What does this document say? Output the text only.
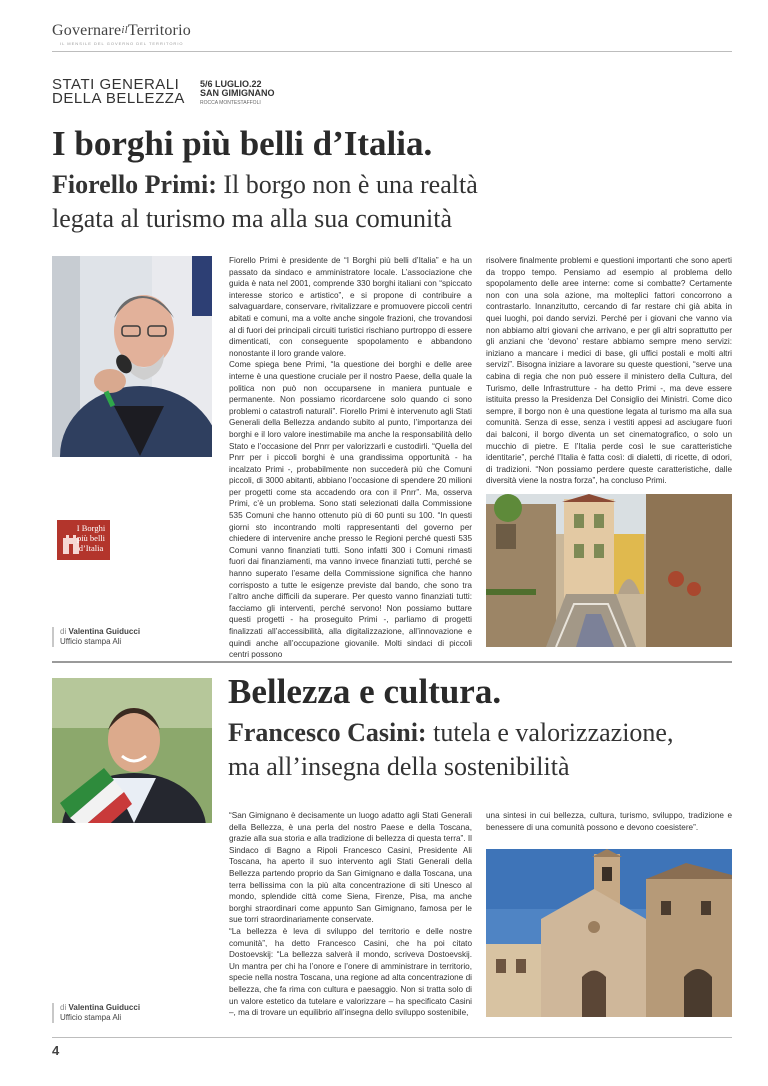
GovernareilTerritorio
IL MENSILE DEL GOVERNO DEL TERRITORIO
STATI GENERALI
DELLA BELLEZZA
5/6 LUGLIO.22
SAN GIMIGNANO
ROCCA MONTESTAFFOLI
I borghi più belli d’Italia.
Fiorello Primi: Il borgo non è una realtà
legata al turismo ma alla sua comunità
I Borghi
più belli
d’Italia
di Valentina Guiducci
Ufficio stampa Ali

Fiorello Primi è presidente de “I Borghi più belli d’Italia” e ha un passato da sindaco e amministratore locale. L’associazione che guida è nata nel 2001, comprende 330 borghi italiani con “spiccato interesse storico e artistico”, e si propone di contribuire a salvaguardare, conservare, rivitalizzare e promuovere piccoli centri abitati e comuni, ma a volte anche singole frazioni, che trovandosi al di fuori dei principali circuiti turistici rischiano purtroppo di essere dimenticati, con conseguente spopolamento e abbandono nonostante il loro grande valore.

Come spiega bene Primi, “la questione dei borghi e delle aree interne è una questione cruciale per il nostro Paese, della quale la politica non può non occuparsene in maniera puntuale e permanente. Non possiamo ricordarcene solo quando ci sono problemi o catastrofi naturali”. Fiorello Primi è intervenuto agli Stati Generali della Bellezza andando subito al punto, l’importanza dei borghi e il loro valore inestimabile ma anche la responsabilità dello Stato e l’occasione del Pnrr per valorizzarli e custodirli. “Quella del Pnrr per i piccoli borghi è una grandissima opportunità - ha incalzato Primi -, probabilmente non succederà più che Comuni piccoli, di 3000 abitanti, abbiano l’occasione di spendere 20 milioni per progetti come sta accadendo ora con il Pnrr”. Ma, osserva Primi, c’è un problema. Sono stati selezionati dalla Commissione 535 Comuni che hanno ottenuto più di 60 punti su 100. “In questi giorni sto incontrando molti rappresentanti del governo per chiedere di intervenire anche presso le Regioni perché questi 535 Comuni vanno finanziati tutti. Sono infatti 300 i Comuni rimasti fuori dai finanziamenti, ma vanno invece finanziati tutti, perché se hanno superato l’esame della Commissione significa che hanno corrisposto a tutte le esigenze previste dal bando, che sono tra l’altro anche difficili da superare. Per questo vanno finanziati tutti: facciamo gli interventi, perché servono! Non possiamo buttare questi progetti - ha proseguito Primi -, parliamo di progetti finalizzati all’accessibilità, alla digitalizzazione, all’innovazione e quindi anche all’occupazione giovanile. Molti sindaci di piccoli centri possono

risolvere finalmente problemi e questioni importanti che sono aperti da troppo tempo. Pensiamo ad esempio al problema dello spopolamento delle aree interne: come si combatte? Certamente non con una sola azione, ma molteplici fattori concorrono a contrastarlo. Innanzitutto, cercando di far restare chi già abita in quei luoghi, poi dando servizi. Perché per i giovani che vanno via non abbiamo altri giovani che arrivano, e per gli altri soprattutto per gli anziani che ‘devono’ restare abbiamo sempre meno servizi: iniziano a mancare i medici di base, gli uffici postali e molti altri servizi”. Bisogna iniziare a lavorare su queste questioni, “serve una cabina di regia che non può essere il ministero della Cultura, del Turismo, delle Infrastrutture - ha detto Primi -, ma deve essere istituita presso la Presidenza Del Consiglio dei Ministri. Come dico sempre, il borgo non è una questione legata al turismo ma alla sua comunità. Senza di esse, senza i vestiti appesi ad asciugare fuori dai balconi, il borgo diventa un set cinematografico, o solo un mucchio di pietre. E l’Italia perde così le sue caratteristiche identitarie”, perché l’Italia è fatta così: di dialetti, di ricette, di odori, di tradizioni. “Non possiamo perdere queste caratteristiche, dalle diversità viene la nostra forza”, ha concluso Primi.

Bellezza e cultura.
Francesco Casini: tutela e valorizzazione,
ma all’insegna della sostenibilità

“San Gimignano è decisamente un luogo adatto agli Stati Generali della Bellezza, è una perla del nostro Paese e della Toscana, grazie alla sua storia e alla tradizione di bellezza di questa terra”. Il Sindaco di Bagno a Ripoli Francesco Casini, Presidente Ali Toscana, ha aperto il suo intervento agli Stati Generali della Bellezza partendo proprio da San Gimignano e dalla Toscana, una terra bellissima con la più alta concentrazione di siti Unesco al mondo, splendide città come Siena, Firenze, Pisa, ma anche borghi straordinari come appunto San Gimignano, famosa per le sue torri straordinariamente conservate.

“La bellezza è leva di sviluppo del territorio e delle nostre comunità”, ha detto Francesco Casini, che ha poi citato Dostoevskij: “La bellezza salverà il mondo, scriveva Dostoevskij. Un mantra per chi ha l’onore e l’onere di amministrare in territorio, specie nella nostra Toscana, una regione ad alta concentrazione di bellezza, che fa rima con cultura e paesaggio. Non si tratta solo di un valore estetico da tutelare e valorizzare – ha specificato Casini –, ma di trovare un equilibrio all’insegna dello sviluppo sostenibile,

una sintesi in cui bellezza, cultura, turismo, sviluppo, tradizione e benessere di una comunità possono e devono coesistere”.

di Valentina Guiducci
Ufficio stampa Ali
4
